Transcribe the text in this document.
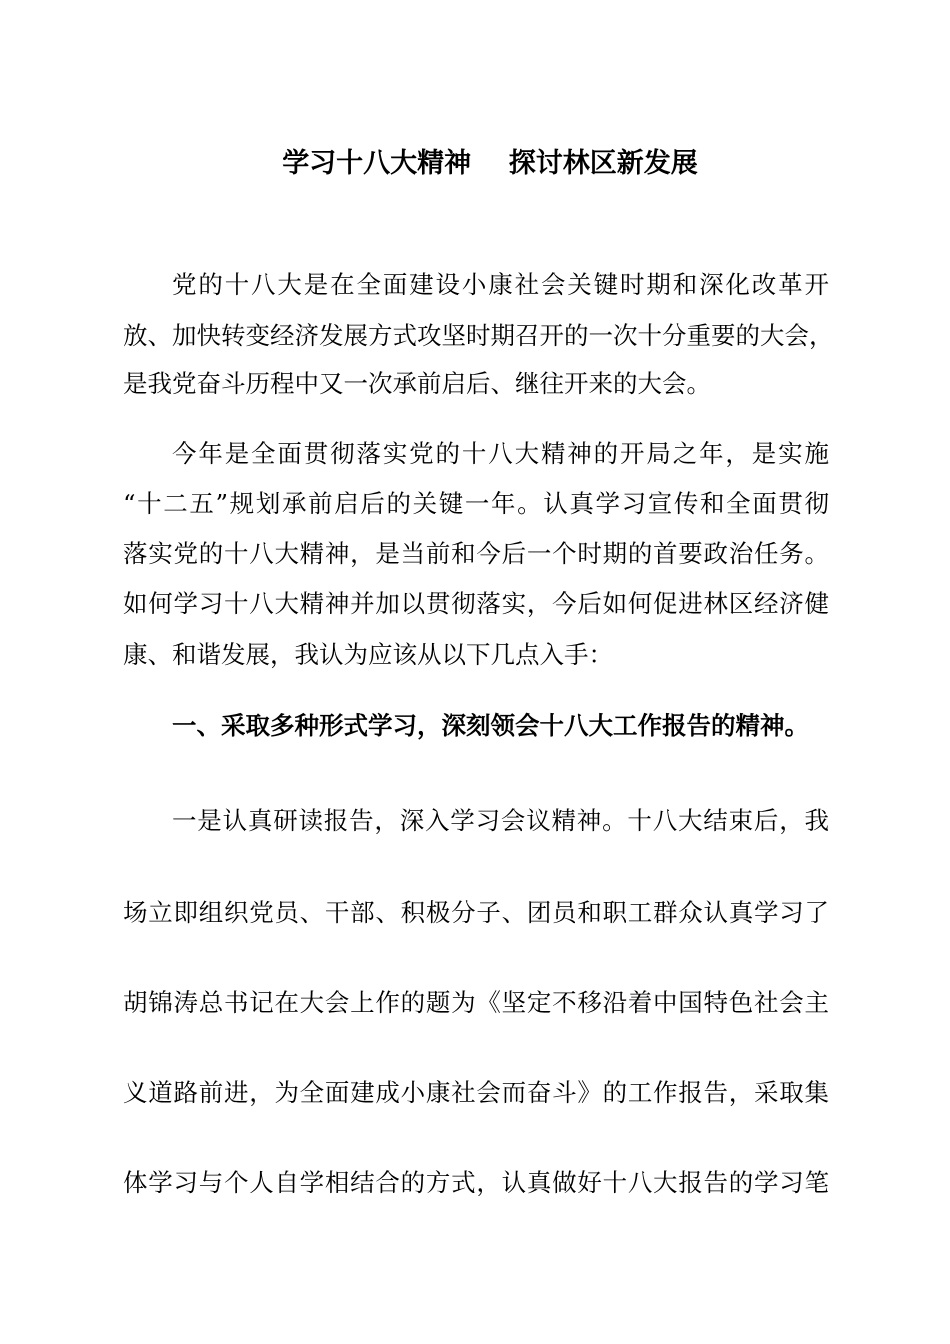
学习十八大精神    探讨林区新发展

党的十八大是在全面建设小康社会关键时期和深化改革开

放、加快转变经济发展方式攻坚时期召开的一次十分重要的大会，

是我党奋斗历程中又一次承前启后、继往开来的大会。

今年是全面贯彻落实党的十八大精神的开局之年，是实施

“十二五”规划承前启后的关键一年。认真学习宣传和全面贯彻

落实党的十八大精神，是当前和今后一个时期的首要政治任务。

如何学习十八大精神并加以贯彻落实，今后如何促进林区经济健

康、和谐发展，我认为应该从以下几点入手：

一、采取多种形式学习，深刻领会十八大工作报告的精神。

一是认真研读报告，深入学习会议精神。十八大结束后，我

场立即组织党员、干部、积极分子、团员和职工群众认真学习了

胡锦涛总书记在大会上作的题为《坚定不移沿着中国特色社会主

义道路前进，为全面建成小康社会而奋斗》的工作报告，采取集

体学习与个人自学相结合的方式，认真做好十八大报告的学习笔
